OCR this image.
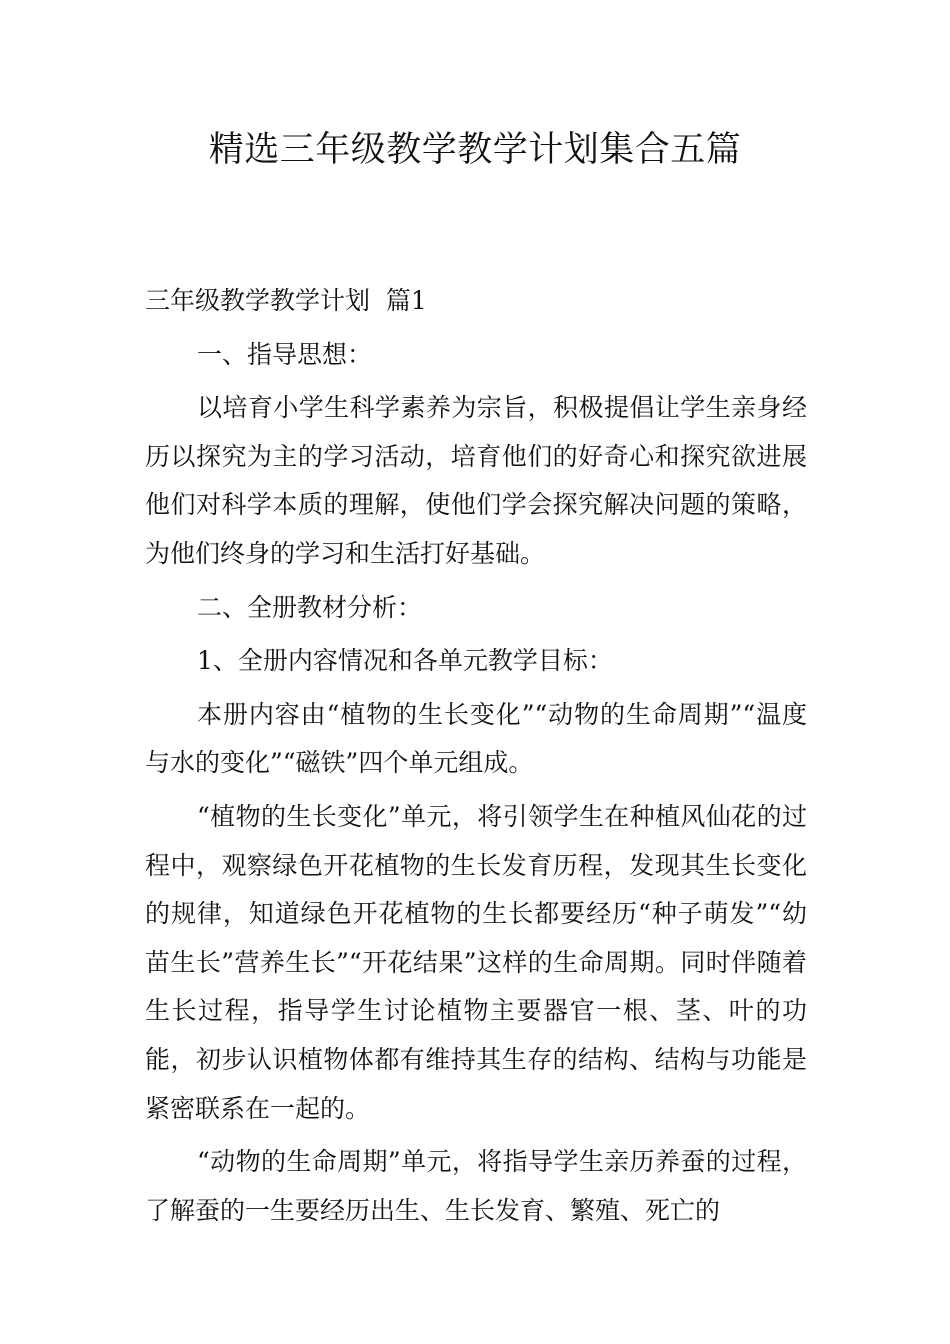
精选三年级教学教学计划集合五篇

三年级教学教学计划  篇1

一、指导思想：

以培育小学生科学素养为宗旨，积极提倡让学生亲身经历以探究为主的学习活动，培育他们的好奇心和探究欲进展他们对科学本质的理解，使他们学会探究解决问题的策略，为他们终身的学习和生活打好基础。

二、全册教材分析：

1、全册内容情况和各单元教学目标：

本册内容由“植物的生长变化”“动物的生命周期”“温度与水的变化”“磁铁”四个单元组成。

“植物的生长变化”单元，将引领学生在种植风仙花的过程中，观察绿色开花植物的生长发育历程，发现其生长变化的规律，知道绿色开花植物的生长都要经历“种子萌发”“幼苗生长”营养生长”“开花结果”这样的生命周期。同时伴随着生长过程，指导学生讨论植物主要器官一根、茎、叶的功能，初步认识植物体都有维持其生存的结构、结构与功能是紧密联系在一起的。

“动物的生命周期”单元，将指导学生亲历养蚕的过程，了解蚕的一生要经历出生、生长发育、繁殖、死亡的
